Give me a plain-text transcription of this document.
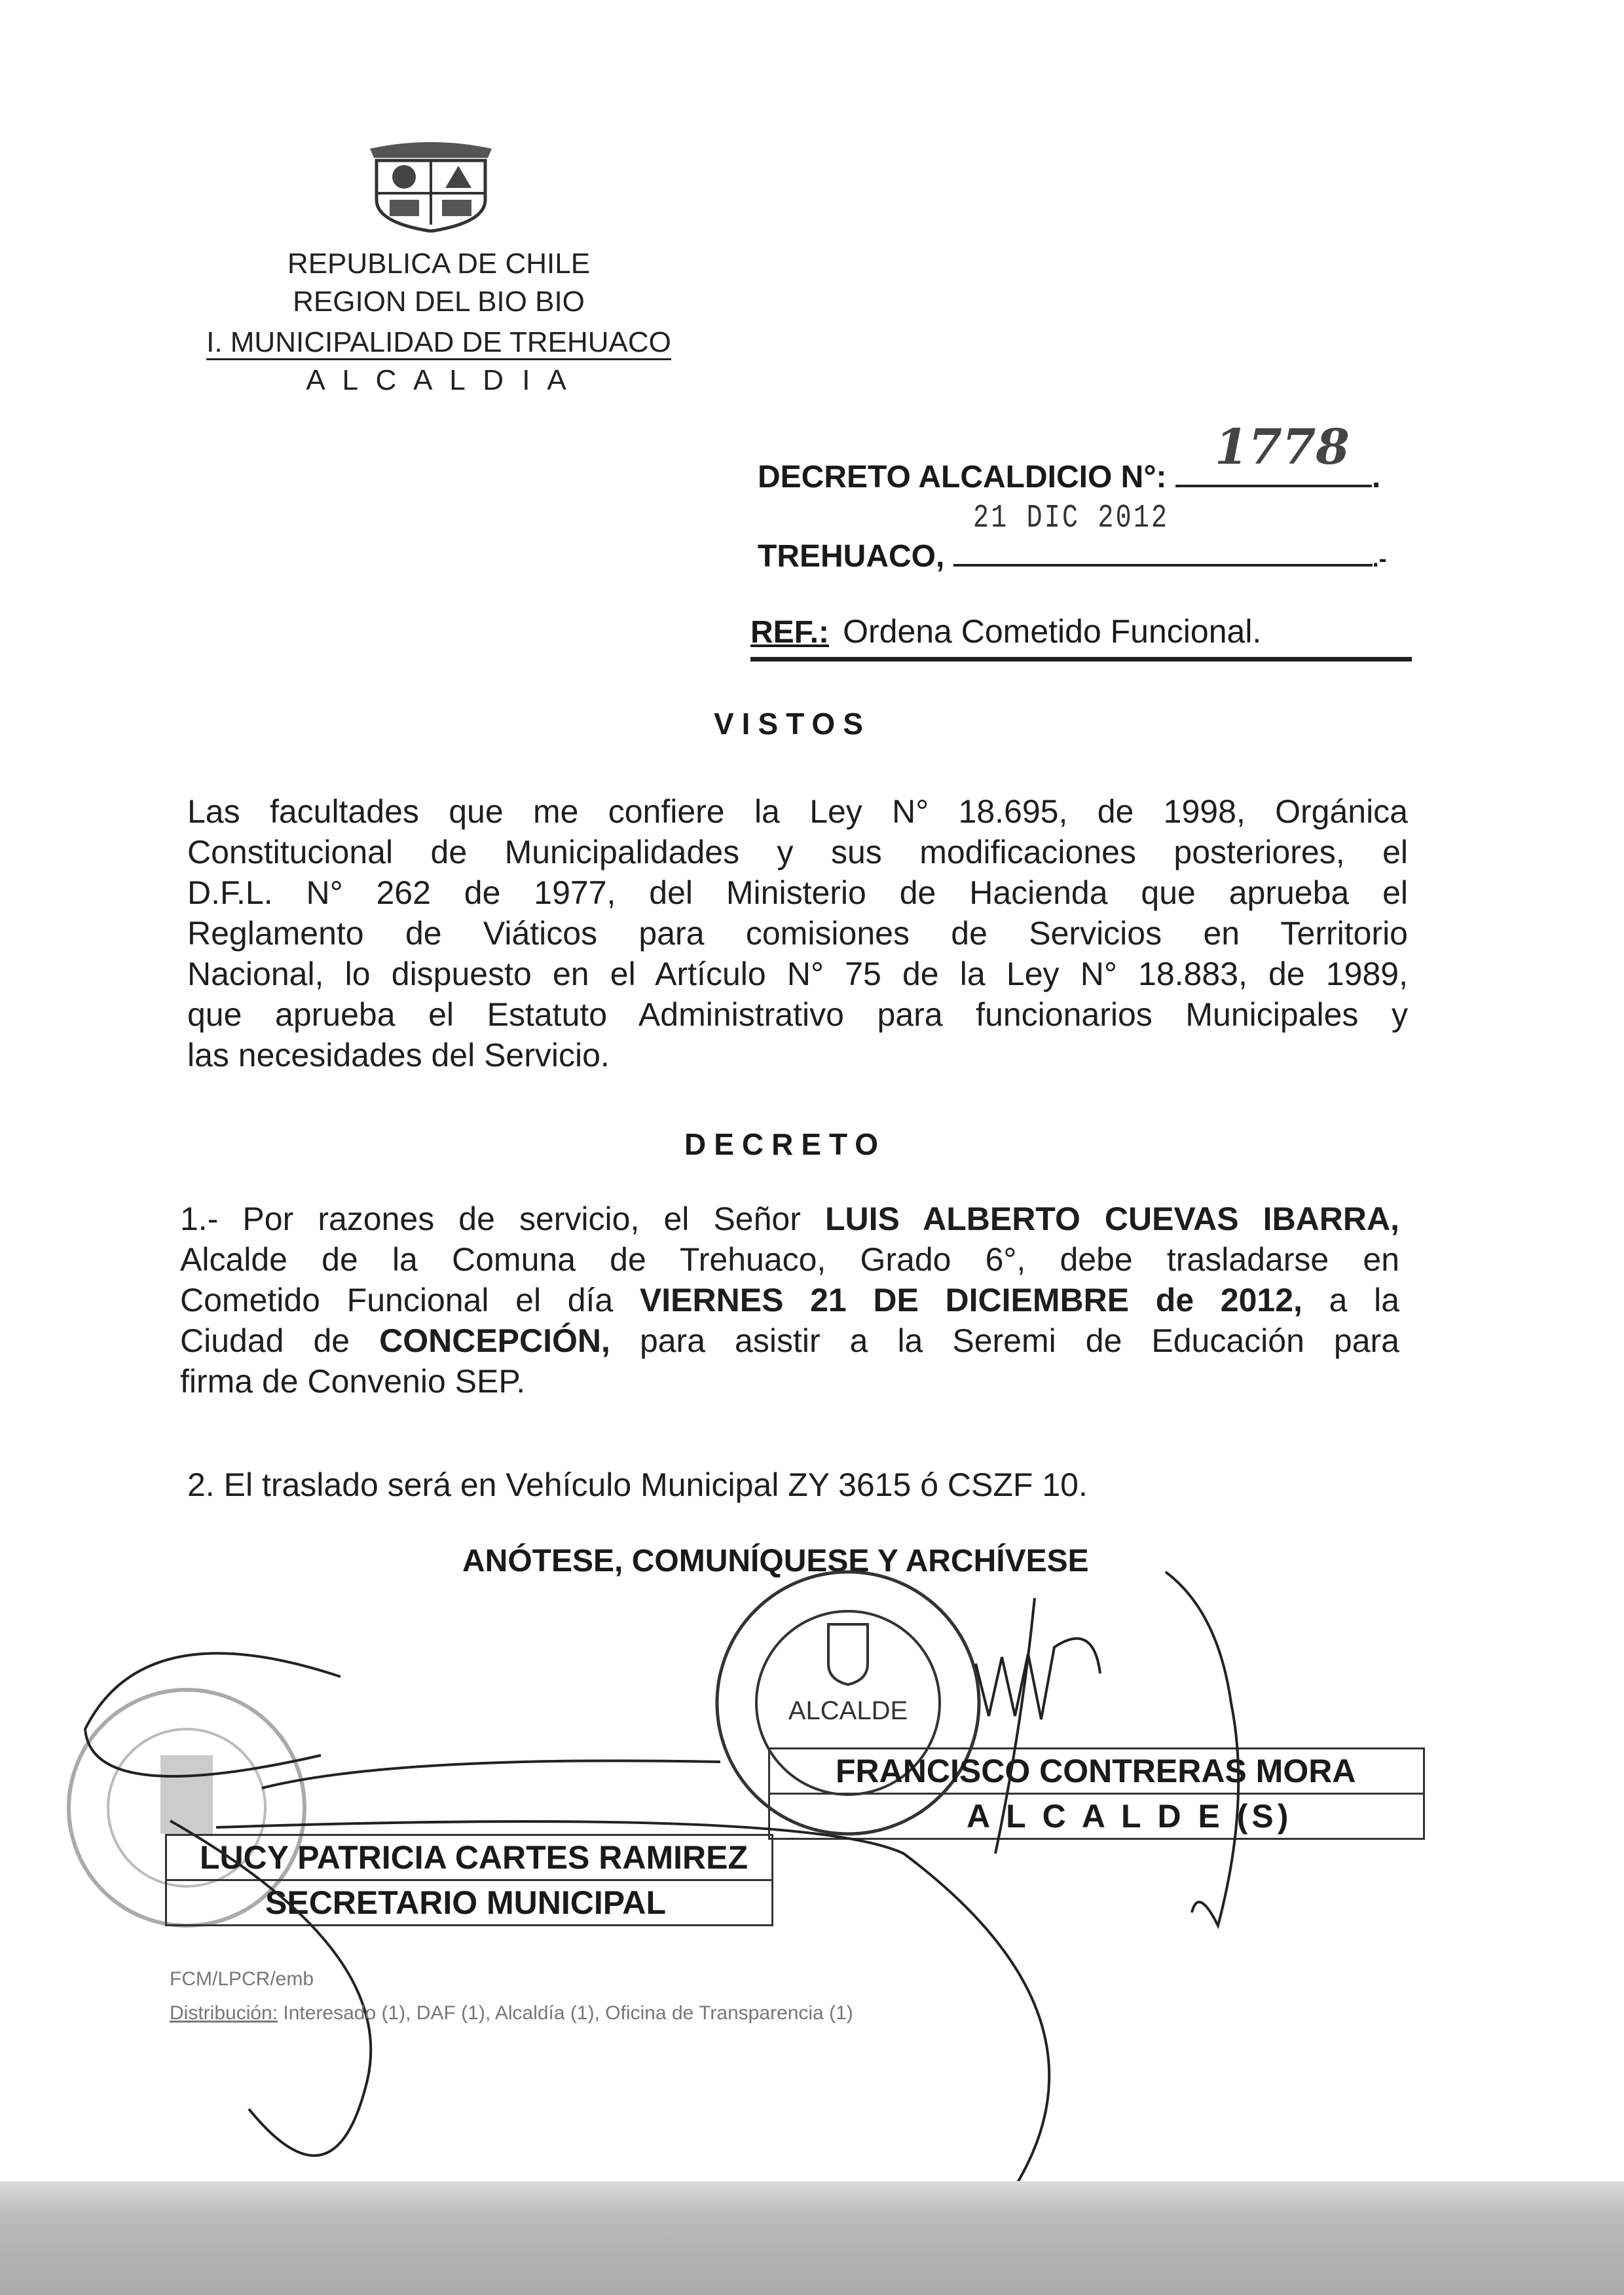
REPUBLICA DE CHILE
REGION DEL BIO BIO
I. MUNICIPALIDAD DE TREHUACO
A L C A L D I A
DECRETO ALCALDICIO N°:
1778
.
TREHUACO,
21 DIC 2012
.-
REF.: Ordena Cometido Funcional.
VISTOS
Las facultades que me confiere la Ley N° 18.695, de 1998, Orgánica
Constitucional de Municipalidades y sus modificaciones posteriores, el
D.F.L. N° 262 de 1977, del Ministerio de Hacienda que aprueba el
Reglamento de Viáticos para comisiones de Servicios en Territorio
Nacional, lo dispuesto en el Artículo N° 75 de la Ley N° 18.883, de 1989,
que aprueba el Estatuto Administrativo para funcionarios Municipales y
las necesidades del Servicio.
DECRETO
1.- Por razones de servicio, el Señor LUIS ALBERTO CUEVAS IBARRA,
Alcalde de la Comuna de Trehuaco, Grado 6°, debe trasladarse en
Cometido Funcional el día VIERNES 21 DE DICIEMBRE de 2012, a la
Ciudad de CONCEPCIÓN, para asistir a la Seremi de Educación para
firma de Convenio SEP.
2. El traslado será en Vehículo Municipal ZY 3615 ó CSZF 10.
ANÓTESE, COMUNÍQUESE Y ARCHÍVESE
ALCALDE
FRANCISCO CONTRERAS MORA
A L C A L D E (S)
LUCY PATRICIA CARTES RAMIREZ
SECRETARIO MUNICIPAL
FCM/LPCR/emb
Distribución: Interesado (1), DAF (1), Alcaldía (1), Oficina de Transparencia (1)
